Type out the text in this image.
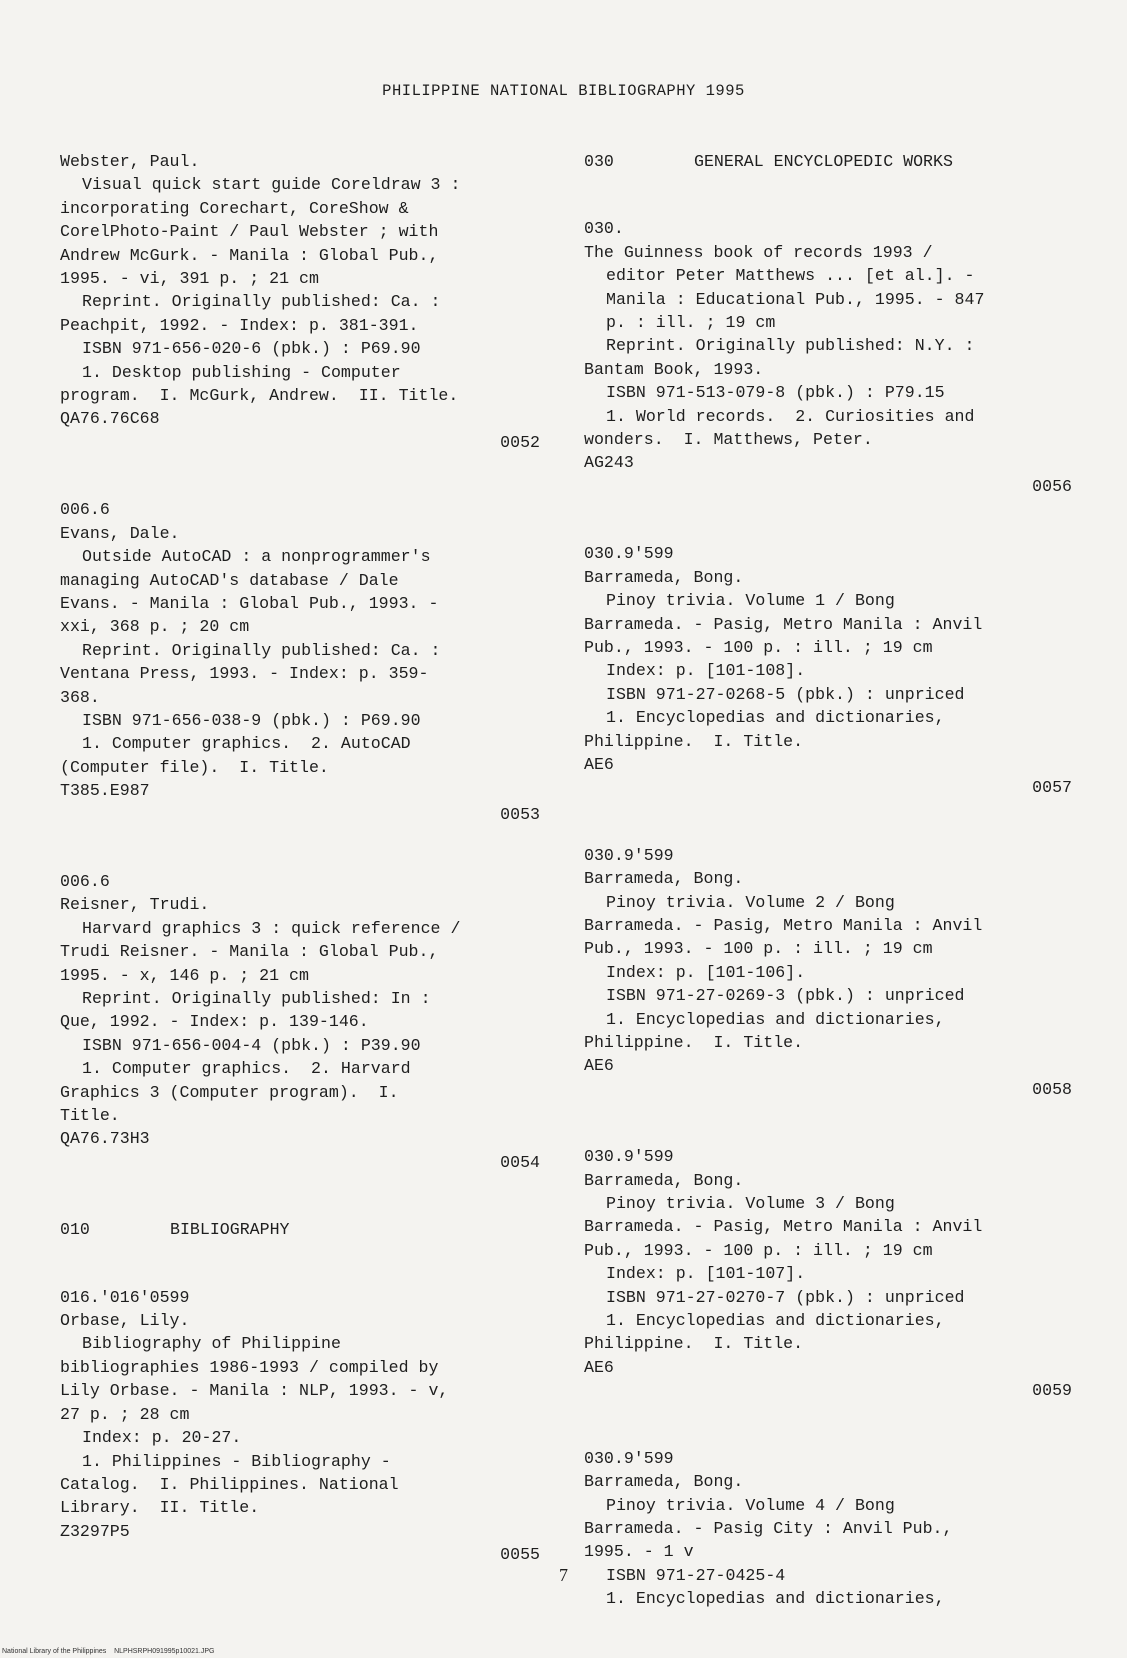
PHILIPPINE NATIONAL BIBLIOGRAPHY 1995
Webster, Paul.
Visual quick start guide Coreldraw 3 :
incorporating Corechart, CoreShow &
CorelPhoto-Paint / Paul Webster ; with
Andrew McGurk. - Manila : Global Pub.,
1995. - vi, 391 p. ; 21 cm
Reprint. Originally published: Ca. :
Peachpit, 1992. - Index: p. 381-391.
ISBN 971-656-020-6 (pbk.) : P69.90
1. Desktop publishing - Computer
program.  I. McGurk, Andrew.  II. Title.
QA76.76C68
0052
006.6
Evans, Dale.
Outside AutoCAD : a nonprogrammer's
managing AutoCAD's database / Dale
Evans. - Manila : Global Pub., 1993. -
xxi, 368 p. ; 20 cm
Reprint. Originally published: Ca. :
Ventana Press, 1993. - Index: p. 359-
368.
ISBN 971-656-038-9 (pbk.) : P69.90
1. Computer graphics.  2. AutoCAD
(Computer file).  I. Title.
T385.E987
0053
006.6
Reisner, Trudi.
Harvard graphics 3 : quick reference /
Trudi Reisner. - Manila : Global Pub.,
1995. - x, 146 p. ; 21 cm
Reprint. Originally published: In :
Que, 1992. - Index: p. 139-146.
ISBN 971-656-004-4 (pbk.) : P39.90
1. Computer graphics.  2. Harvard
Graphics 3 (Computer program).  I.
Title.
QA76.73H3
0054
010	BIBLIOGRAPHY
016.'016'0599
Orbase, Lily.
Bibliography of Philippine
bibliographies 1986-1993 / compiled by
Lily Orbase. - Manila : NLP, 1993. - v,
27 p. ; 28 cm
Index: p. 20-27.
1. Philippines - Bibliography -
Catalog.  I. Philippines. National
Library.  II. Title.
Z3297P5
0055
030	GENERAL ENCYCLOPEDIC WORKS
030.
The Guinness book of records 1993 /
editor Peter Matthews ... [et al.]. -
Manila : Educational Pub., 1995. - 847
p. : ill. ; 19 cm
Reprint. Originally published: N.Y. :
Bantam Book, 1993.
ISBN 971-513-079-8 (pbk.) : P79.15
1. World records.  2. Curiosities and
wonders.  I. Matthews, Peter.
AG243
0056
030.9'599
Barrameda, Bong.
Pinoy trivia. Volume 1 / Bong
Barrameda. - Pasig, Metro Manila : Anvil
Pub., 1993. - 100 p. : ill. ; 19 cm
Index: p. [101-108].
ISBN 971-27-0268-5 (pbk.) : unpriced
1. Encyclopedias and dictionaries,
Philippine.  I. Title.
AE6
0057
030.9'599
Barrameda, Bong.
Pinoy trivia. Volume 2 / Bong
Barrameda. - Pasig, Metro Manila : Anvil
Pub., 1993. - 100 p. : ill. ; 19 cm
Index: p. [101-106].
ISBN 971-27-0269-3 (pbk.) : unpriced
1. Encyclopedias and dictionaries,
Philippine.  I. Title.
AE6
0058
030.9'599
Barrameda, Bong.
Pinoy trivia. Volume 3 / Bong
Barrameda. - Pasig, Metro Manila : Anvil
Pub., 1993. - 100 p. : ill. ; 19 cm
Index: p. [101-107].
ISBN 971-27-0270-7 (pbk.) : unpriced
1. Encyclopedias and dictionaries,
Philippine.  I. Title.
AE6
0059
030.9'599
Barrameda, Bong.
Pinoy trivia. Volume 4 / Bong
Barrameda. - Pasig City : Anvil Pub.,
1995. - 1 v
ISBN 971-27-0425-4
1. Encyclopedias and dictionaries,
7
National Library of the Philippines NLPHSRPH091995p10021.JPG
